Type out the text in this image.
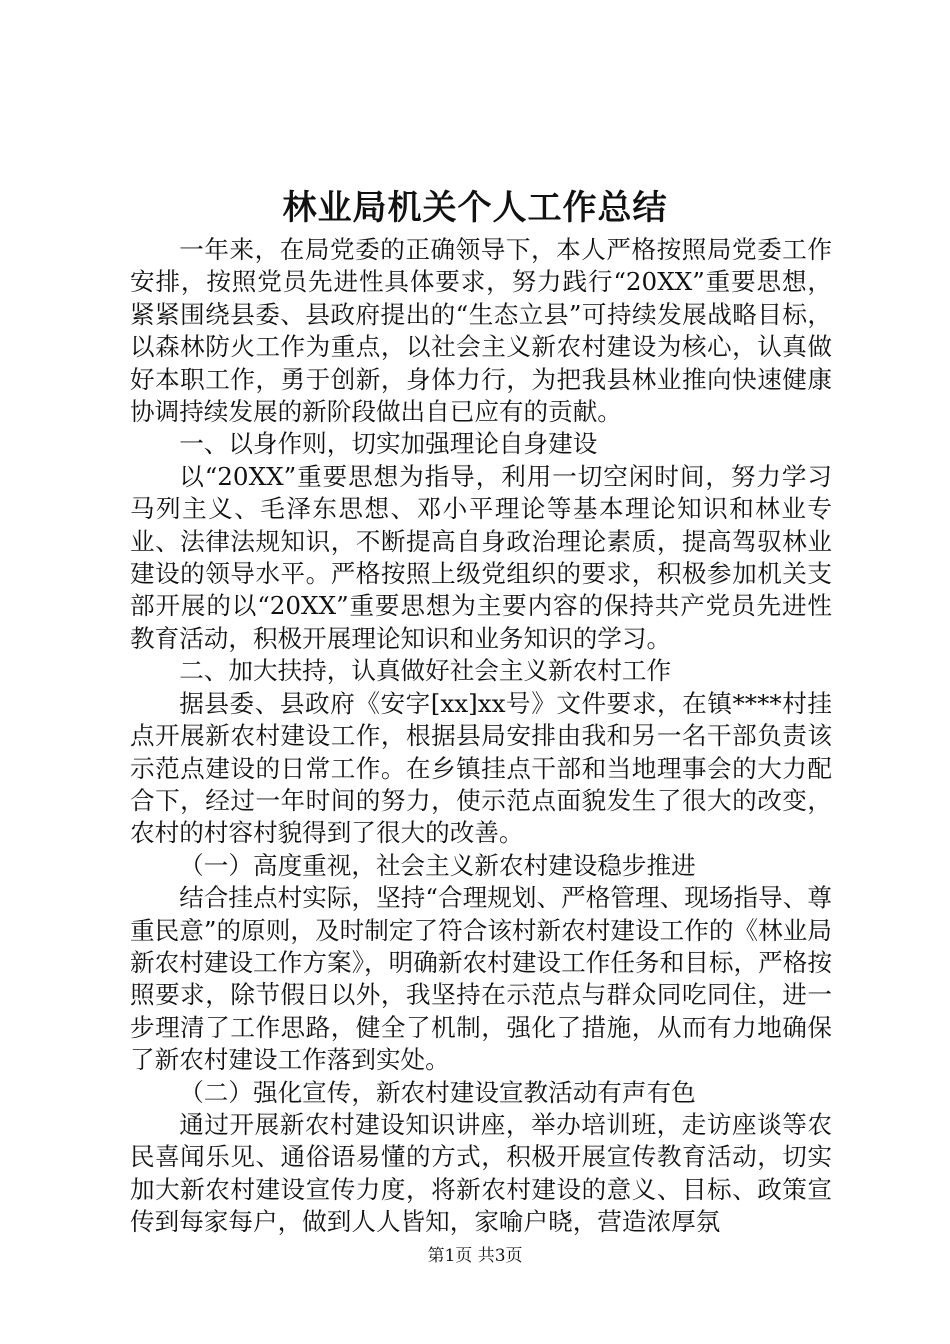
林业局机关个人工作总结

一年来，在局党委的正确领导下，本人严格按照局党委工作安排，按照党员先进性具体要求，努力践行“20XX”重要思想，紧紧围绕县委、县政府提出的“生态立县”可持续发展战略目标，以森林防火工作为重点，以社会主义新农村建设为核心，认真做好本职工作，勇于创新，身体力行，为把我县林业推向快速健康协调持续发展的新阶段做出自已应有的贡献。

一、以身作则，切实加强理论自身建设

以“20XX”重要思想为指导，利用一切空闲时间，努力学习马列主义、毛泽东思想、邓小平理论等基本理论知识和林业专业、法律法规知识，不断提高自身政治理论素质，提高驾驭林业建设的领导水平。严格按照上级党组织的要求，积极参加机关支部开展的以“20XX”重要思想为主要内容的保持共产党员先进性教育活动，积极开展理论知识和业务知识的学习。

二、加大扶持，认真做好社会主义新农村工作

据县委、县政府《安字[xx]xx号》文件要求，在镇****村挂点开展新农村建设工作，根据县局安排由我和另一名干部负责该示范点建设的日常工作。在乡镇挂点干部和当地理事会的大力配合下，经过一年时间的努力，使示范点面貌发生了很大的改变，农村的村容村貌得到了很大的改善。

（一）高度重视，社会主义新农村建设稳步推进

结合挂点村实际，坚持“合理规划、严格管理、现场指导、尊重民意”的原则，及时制定了符合该村新农村建设工作的《林业局新农村建设工作方案》，明确新农村建设工作任务和目标，严格按照要求，除节假日以外，我坚持在示范点与群众同吃同住，进一步理清了工作思路，健全了机制，强化了措施，从而有力地确保了新农村建设工作落到实处。

（二）强化宣传，新农村建设宣教活动有声有色

通过开展新农村建设知识讲座，举办培训班，走访座谈等农民喜闻乐见、通俗语易懂的方式，积极开展宣传教育活动，切实加大新农村建设宣传力度，将新农村建设的意义、目标、政策宣传到每家每户，做到人人皆知，家喻户晓，营造浓厚氛

第1页 共3页
